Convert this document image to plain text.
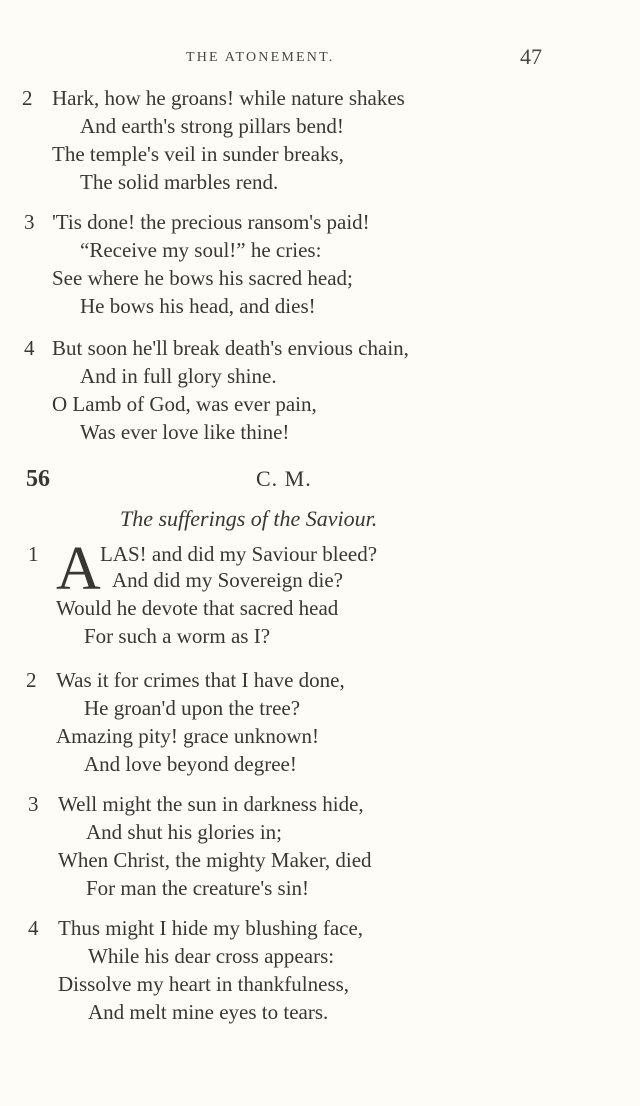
THE ATONEMENT.	47
2 Hark, how he groans! while nature shakes
And earth's strong pillars bend!
The temple's veil in sunder breaks,
The solid marbles rend.
3 'Tis done! the precious ransom's paid!
“Receive my soul!” he cries:
See where he bows his sacred head;
He bows his head, and dies!
4 But soon he'll break death's envious chain,
And in full glory shine.
O Lamb of God, was ever pain,
Was ever love like thine!
56	C. M.
The sufferings of the Saviour.
1 A LAS! and did my Saviour bleed?
And did my Sovereign die?
Would he devote that sacred head
For such a worm as I?
2 Was it for crimes that I have done,
He groan'd upon the tree?
Amazing pity! grace unknown!
And love beyond degree!
3 Well might the sun in darkness hide,
And shut his glories in;
When Christ, the mighty Maker, died
For man the creature's sin!
4 Thus might I hide my blushing face,
While his dear cross appears:
Dissolve my heart in thankfulness,
And melt mine eyes to tears.
